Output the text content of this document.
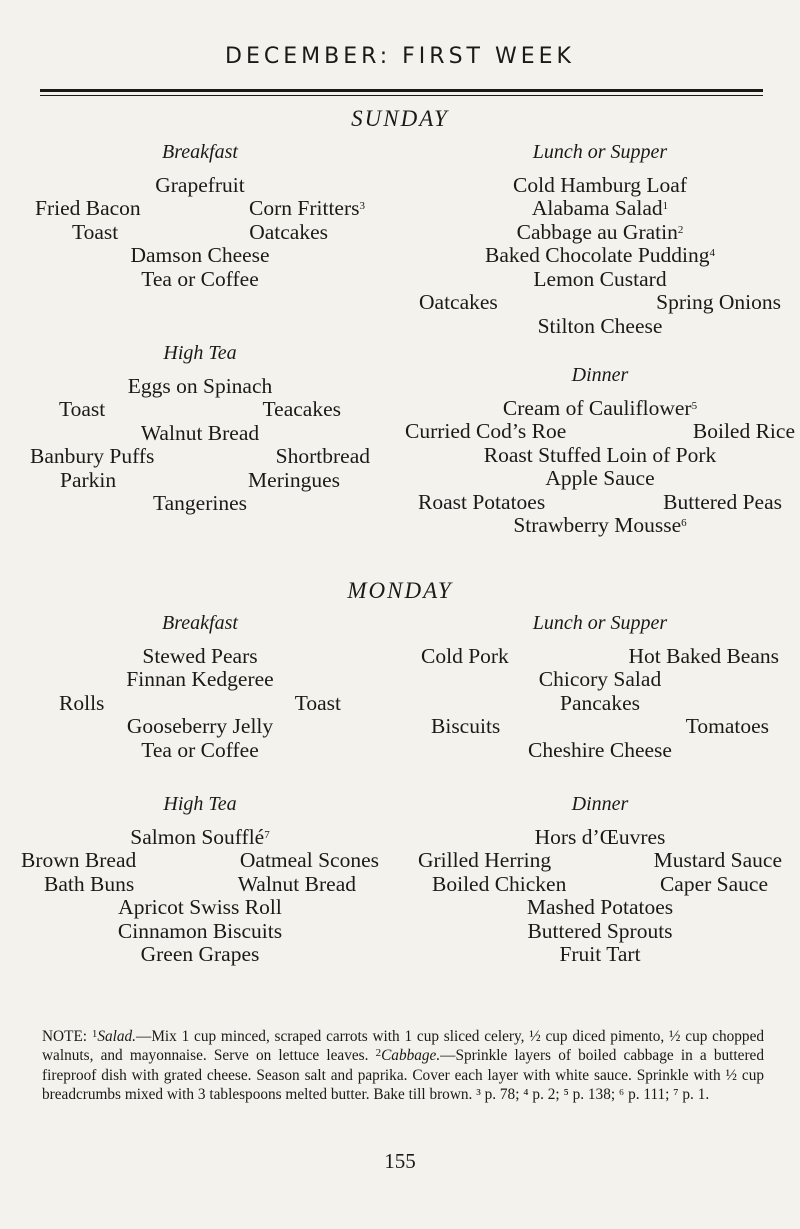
DECEMBER: FIRST WEEK
SUNDAY
Breakfast
Grapefruit
Fried Bacon	Corn Fritters$^3$
Toast	Oatcakes
Damson Cheese
Tea or Coffee
High Tea
Eggs on Spinach
Toast	Teacakes
Walnut Bread
Banbury Puffs	Shortbread
Parkin	Meringues
Tangerines
Lunch or Supper
Cold Hamburg Loaf
Alabama Salad$^1$
Cabbage au Gratin$^2$
Baked Chocolate Pudding$^4$
Lemon Custard
Oatcakes	Spring Onions
Stilton Cheese
Dinner
Cream of Cauliflower$^5$
Curried Cod’s Roe	Boiled Rice
Roast Stuffed Loin of Pork
Apple Sauce
Roast Potatoes	Buttered Peas
Strawberry Mousse$^6$
MONDAY
Breakfast
Stewed Pears
Finnan Kedgeree
Rolls	Toast
Gooseberry Jelly
Tea or Coffee
High Tea
Salmon Soufflé$^7$
Brown Bread	Oatmeal Scones
Bath Buns	Walnut Bread
Apricot Swiss Roll
Cinnamon Biscuits
Green Grapes
Lunch or Supper
Cold Pork	Hot Baked Beans
Chicory Salad
Pancakes
Biscuits	Tomatoes
Cheshire Cheese
Dinner
Hors d’Œuvres
Grilled Herring	Mustard Sauce
Boiled Chicken	Caper Sauce
Mashed Potatoes
Buttered Sprouts
Fruit Tart
NOTE: $^1$Salad.—Mix 1 cup minced, scraped carrots with 1 cup sliced celery, ½ cup diced pimento, ½ cup chopped walnuts, and mayonnaise. Serve on lettuce leaves. $^2$Cabbage.—Sprinkle layers of boiled cabbage in a buttered fireproof dish with grated cheese. Season salt and paprika. Cover each layer with white sauce. Sprinkle with ½ cup breadcrumbs mixed with 3 tablespoons melted butter. Bake till brown. ³ p. 78; ⁴ p. 2; ⁵ p. 138; ⁶ p. 111; ⁷ p. 1.
155
